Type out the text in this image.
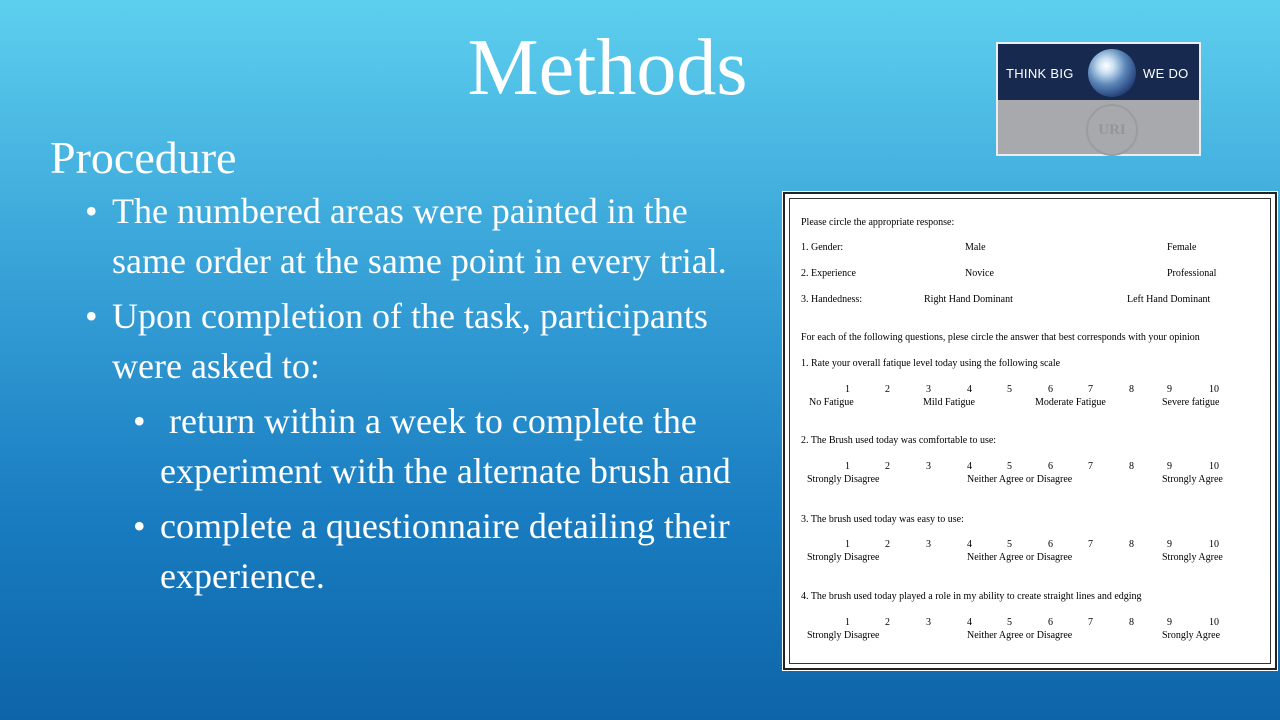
Methods
Procedure
• The numbered areas were painted in the same order at the same point in every trial.
• Upon completion of the task, participants were asked to:
• return within a week to complete the experiment with the alternate brush and
• complete a questionnaire detailing their experience.
THINK BIG	WE DO
URI
Please circle the appropriate response:
1. Gender:	Male	Female
2. Experience	Novice	Professional
3. Handedness:	Right Hand Dominant	Left Hand Dominant
For each of the following questions, plese circle the answer that best corresponds with your opinion
1. Rate your overall fatique level today using the following scale
1	2	3	4	5	6	7	8	9	10
No Fatigue	Mild Fatigue	Moderate Fatigue	Severe fatigue
2. The Brush used today was comfortable to use:
1	2	3	4	5	6	7	8	9	10
Strongly Disagree	Neither Agree or Disagree	Strongly Agree
3. The brush used today was easy to use:
1	2	3	4	5	6	7	8	9	10
Strongly Disagree	Neither Agree or Disagree	Strongly Agree
4. The brush used today played a role in my ability to create straight lines and edging
1	2	3	4	5	6	7	8	9	10
Strongly Disagree	Neither Agree or Disagree	Srongly Agree
